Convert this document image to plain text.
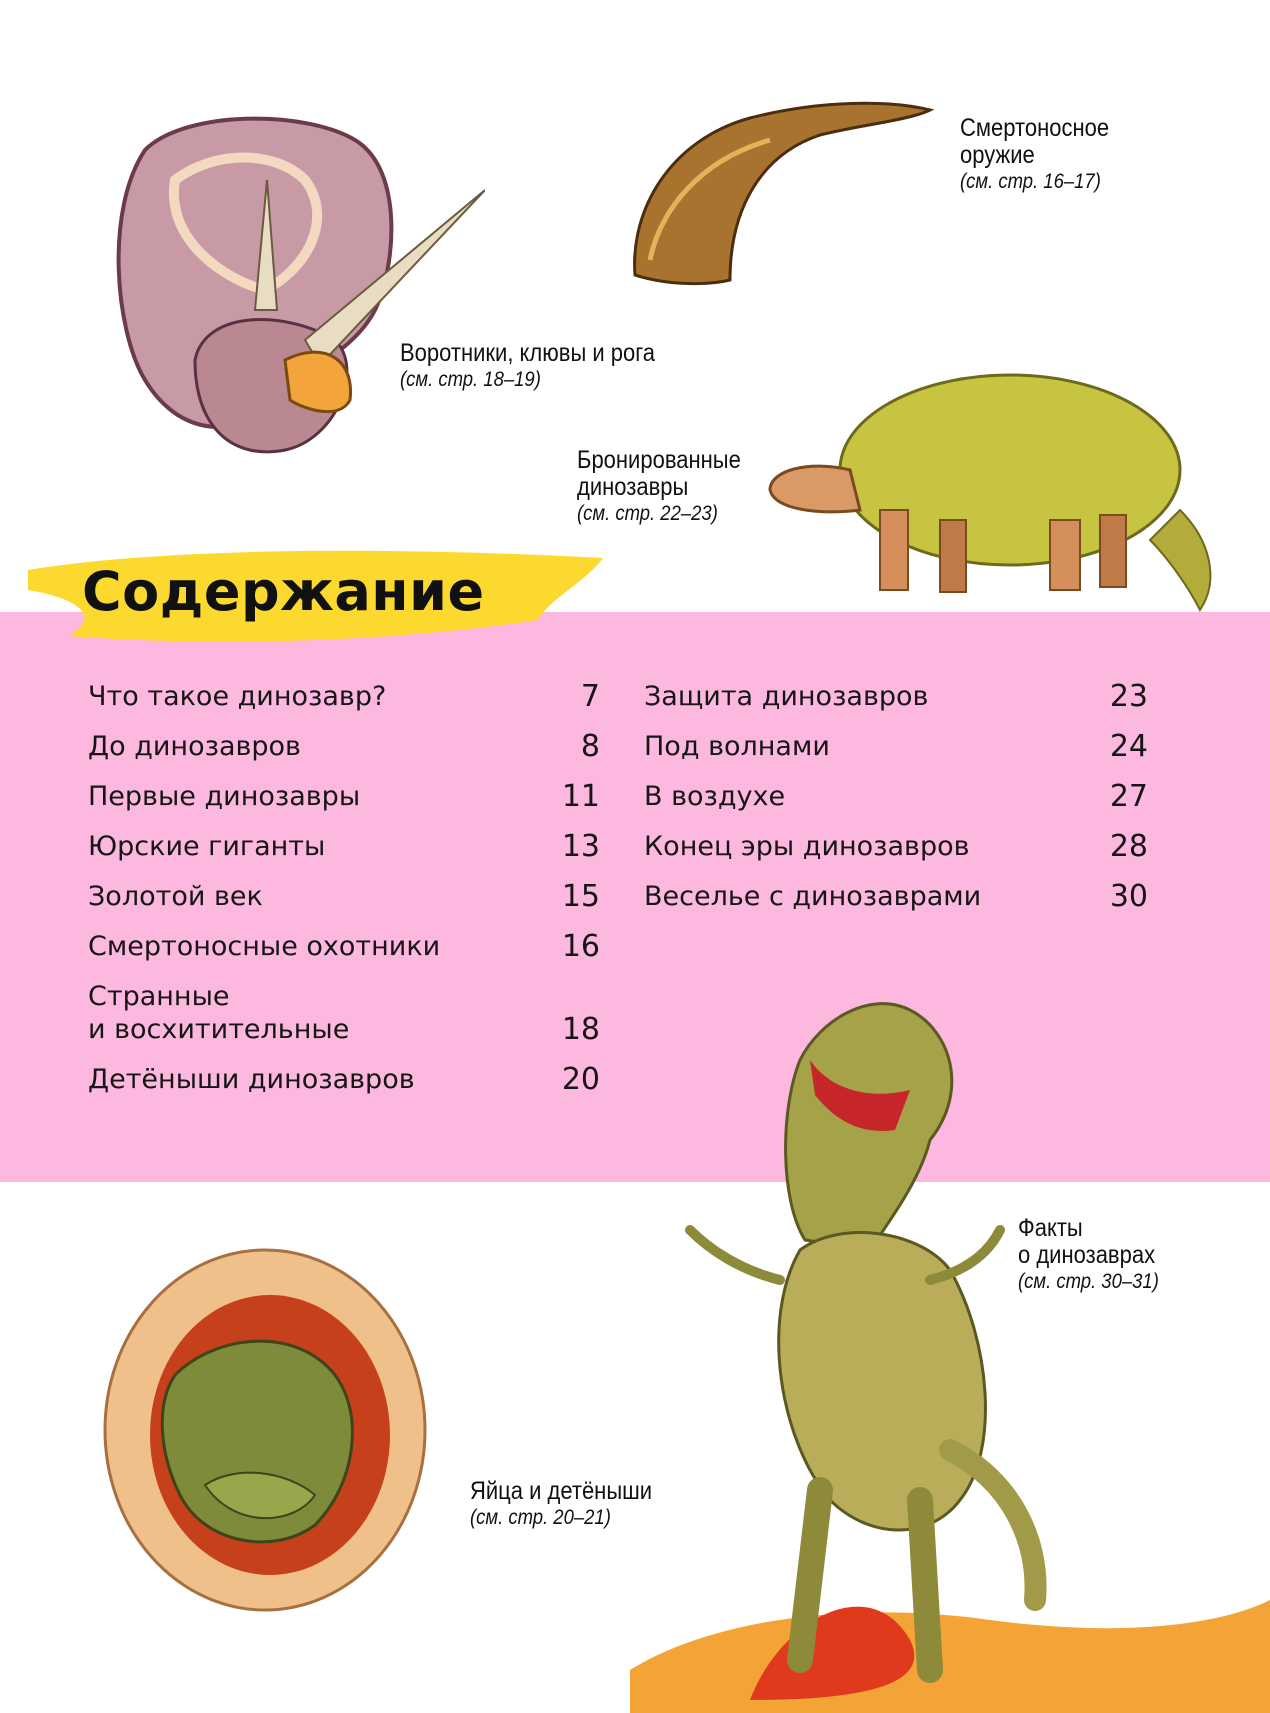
Содержание
Смертоносное
оружие
(см. стр. 16–17)
Воротники, клювы и рога
(см. стр. 18–19)
Бронированные
динозавры
(см. стр. 22–23)
Факты
о динозаврах
(см. стр. 30–31)
Яйца и детёныши
(см. стр. 20–21)
Что такое динозавр?	7
До динозавров	8
Первые динозавры	11
Юрские гиганты	13
Золотой век	15
Смертоносные охотники	16
Странные
и восхитительные	18
Детёныши динозавров	20
Защита динозавров	23
Под волнами	24
В воздухе	27
Конец эры динозавров	28
Веселье с динозаврами	30
